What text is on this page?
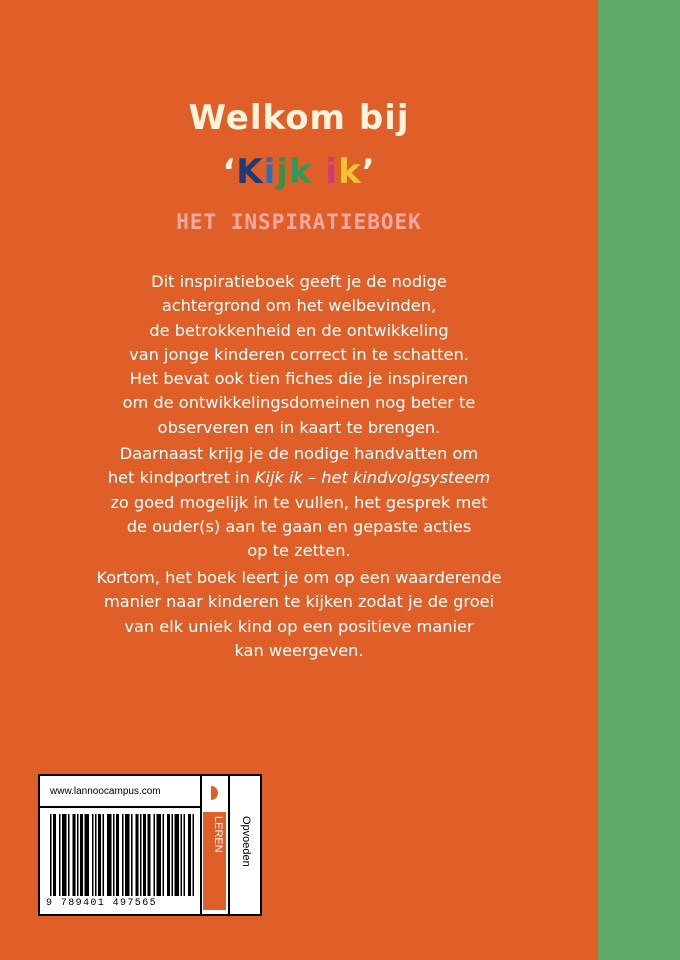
Welkom bij
‘Kijk ik’
HET INSPIRATIEBOEK
Dit inspiratieboek geeft je de nodige
achtergrond om het welbevinden,
de betrokkenheid en de ontwikkeling
van jonge kinderen correct in te schatten.
Het bevat ook tien fiches die je inspireren
om de ontwikkelingsdomeinen nog beter te
observeren en in kaart te brengen.
Daarnaast krijg je de nodige handvatten om
het kindportret in Kijk ik – het kindvolgsysteem
zo goed mogelijk in te vullen, het gesprek met
de ouder(s) aan te gaan en gepaste acties
op te zetten.
Kortom, het boek leert je om op een waarderende
manier naar kinderen te kijken zodat je de groei
van elk uniek kind op een positieve manier
kan weergeven.
www.lannoocampus.com
LEREN	Opvoeden
9 789401 497565
